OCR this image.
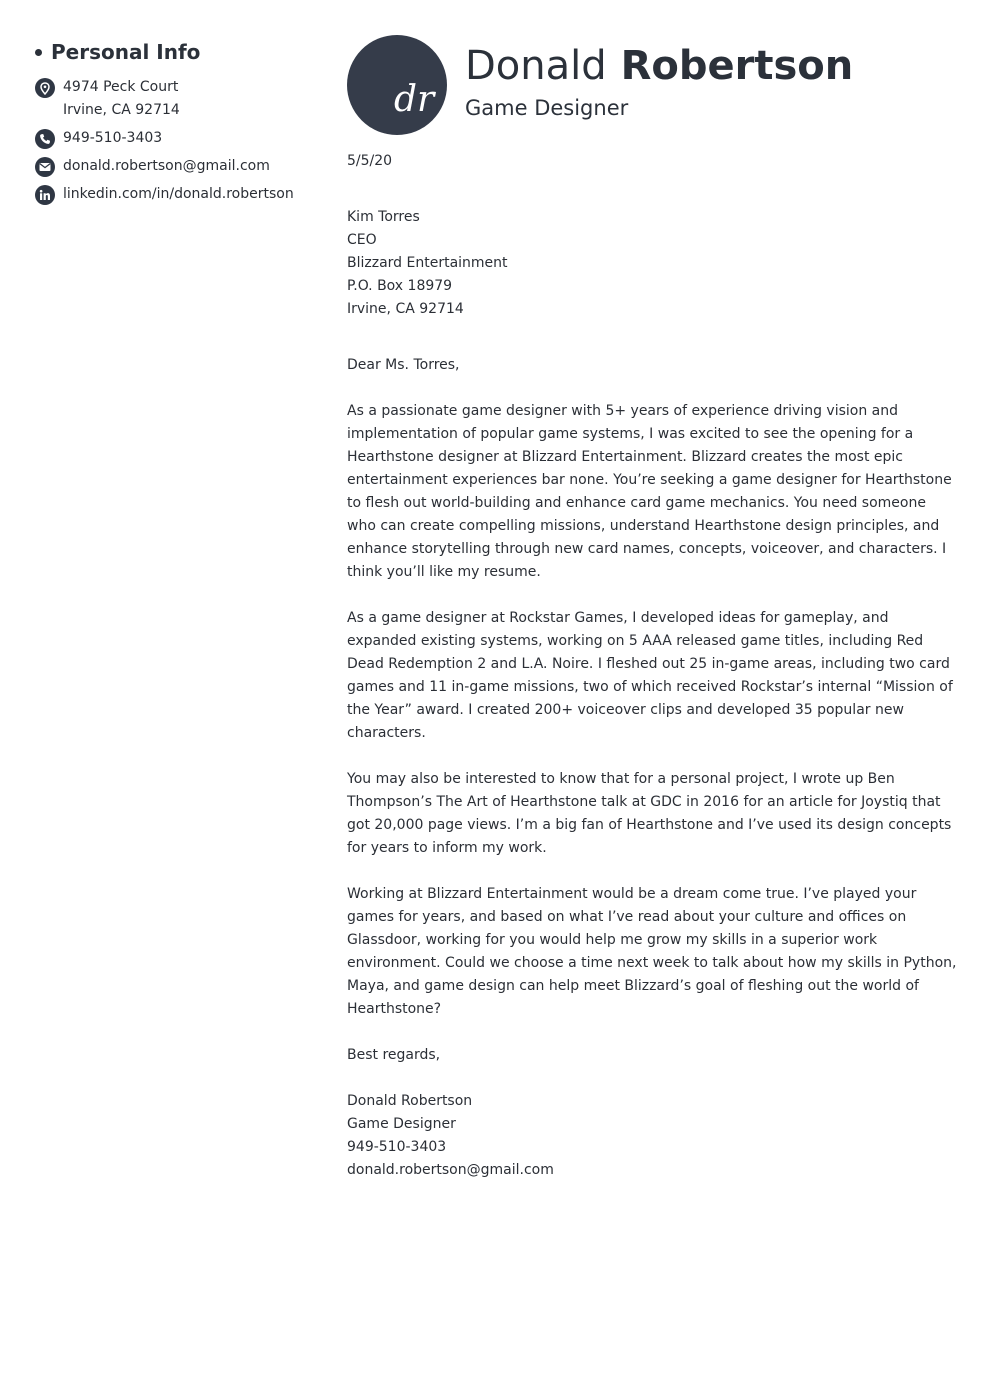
Personal Info
4974 Peck Court
Irvine, CA 92714
949-510-3403
donald.robertson@gmail.com
linkedin.com/in/donald.robertson
dr
Donald Robertson
Game Designer
5/5/20
Kim Torres
CEO
Blizzard Entertainment
P.O. Box 18979
Irvine, CA 92714

Dear Ms. Torres,

As a passionate game designer with 5+ years of experience driving vision and implementation of popular game systems, I was excited to see the opening for a Hearthstone designer at Blizzard Entertainment. Blizzard creates the most epic entertainment experiences bar none. You’re seeking a game designer for Hearthstone to flesh out world-building and enhance card game mechanics. You need someone who can create compelling missions, understand Hearthstone design principles, and enhance storytelling through new card names, concepts, voiceover, and characters. I think you’ll like my resume.

As a game designer at Rockstar Games, I developed ideas for gameplay, and expanded existing systems, working on 5 AAA released game titles, including Red Dead Redemption 2 and L.A. Noire. I fleshed out 25 in-game areas, including two card games and 11 in-game missions, two of which received Rockstar’s internal “Mission of the Year” award. I created 200+ voiceover clips and developed 35 popular new characters.

You may also be interested to know that for a personal project, I wrote up Ben Thompson’s The Art of Hearthstone talk at GDC in 2016 for an article for Joystiq that got 20,000 page views. I’m a big fan of Hearthstone and I’ve used its design concepts for years to inform my work.

Working at Blizzard Entertainment would be a dream come true. I’ve played your games for years, and based on what I’ve read about your culture and offices on Glassdoor, working for you would help me grow my skills in a superior work environment. Could we choose a time next week to talk about how my skills in Python, Maya, and game design can help meet Blizzard’s goal of fleshing out the world of Hearthstone?

Best regards,

Donald Robertson
Game Designer
949-510-3403
donald.robertson@gmail.com
